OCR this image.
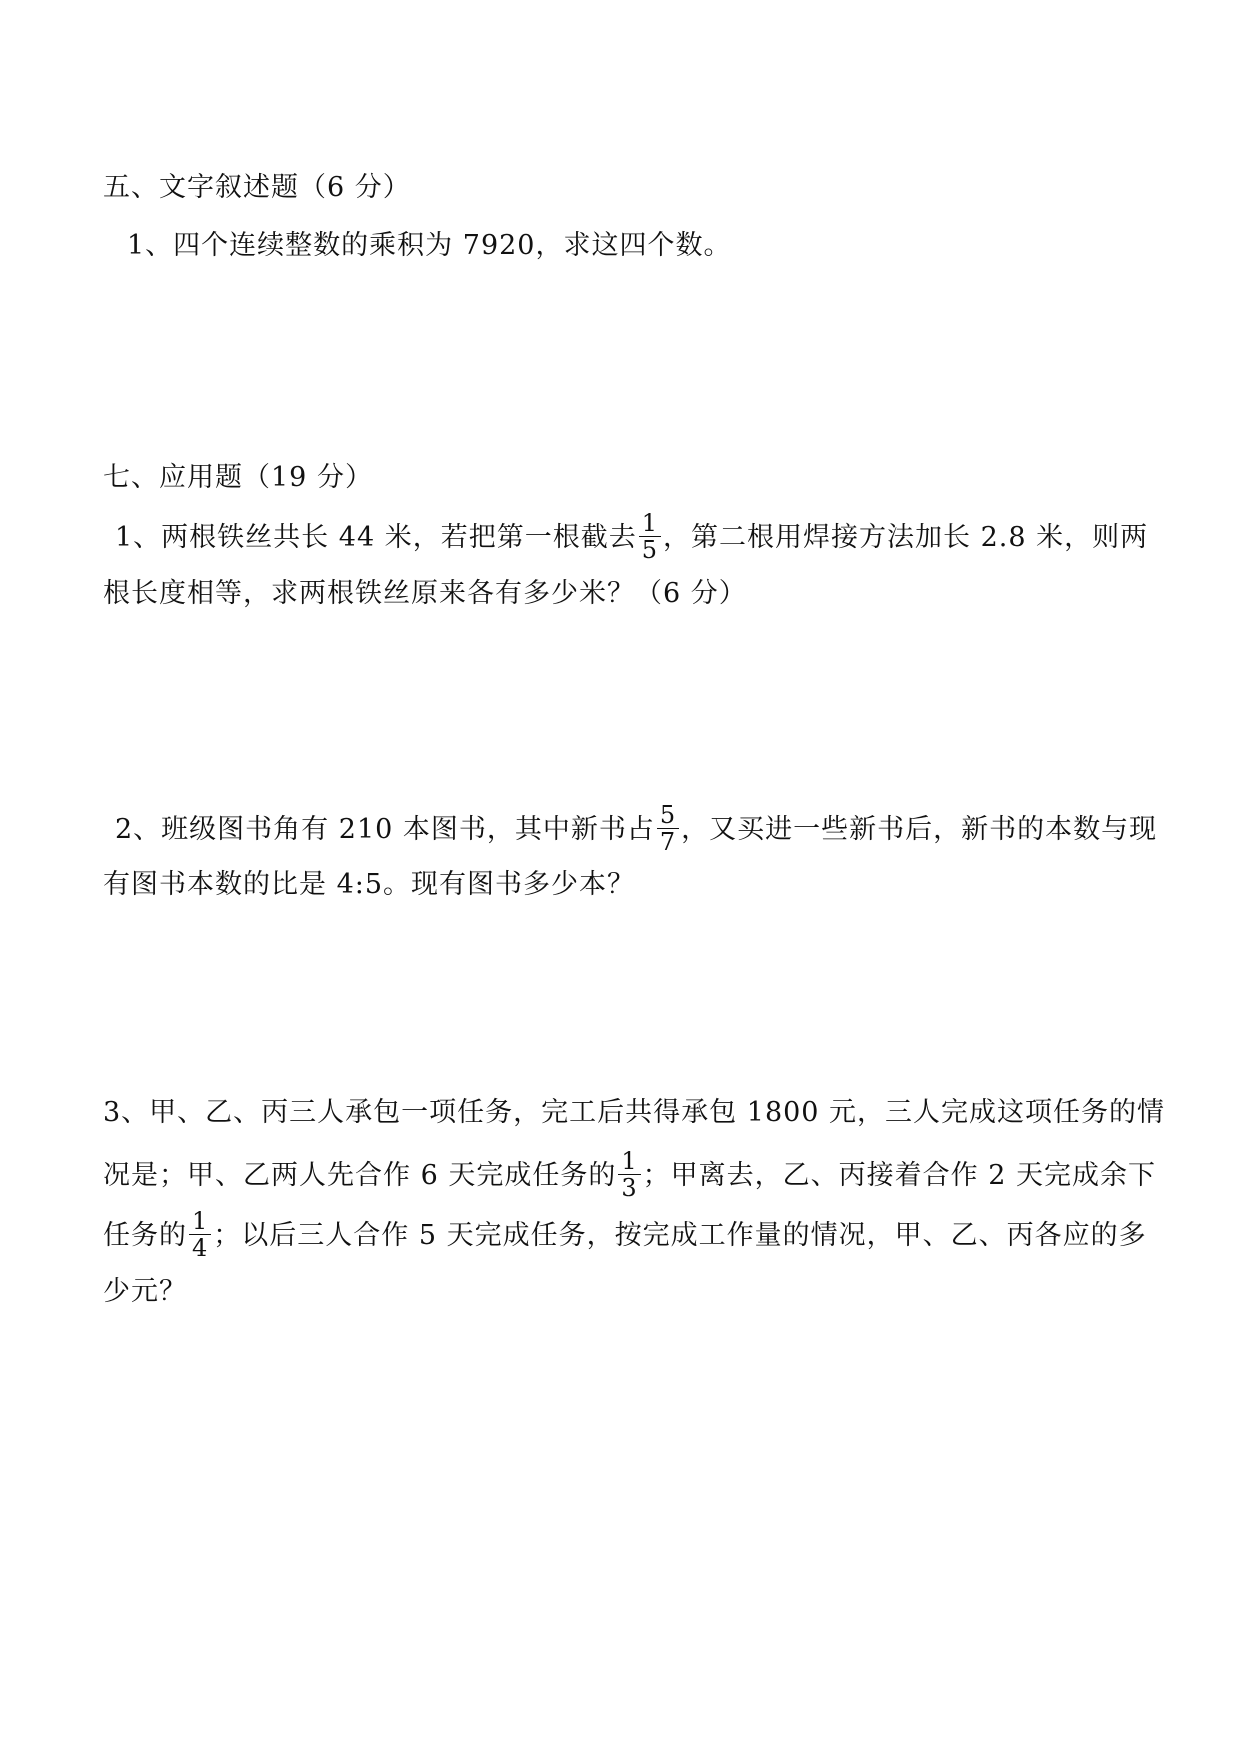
五、文字叙述题（6 分）
1、四个连续整数的乘积为 7920，求这四个数。
七、应用题（19 分）
1、两根铁丝共长 44 米，若把第一根截去 $\frac{1}{5}$ ，第二根用焊接方法加长 2.8 米，则两
根长度相等，求两根铁丝原来各有多少米？（6 分）
2、班级图书角有 210 本图书，其中新书占 $\frac{5}{7}$ ，又买进一些新书后，新书的本数与现
有图书本数的比是 4:5。现有图书多少本？
3、甲、乙、丙三人承包一项任务，完工后共得承包 1800 元，三人完成这项任务的情
况是；甲、乙两人先合作 6 天完成任务的 $\frac{1}{3}$ ；甲离去，乙、丙接着合作 2 天完成余下
任务的 $\frac{1}{4}$ ；以后三人合作 5 天完成任务，按完成工作量的情况，甲、乙、丙各应的多
少元？
